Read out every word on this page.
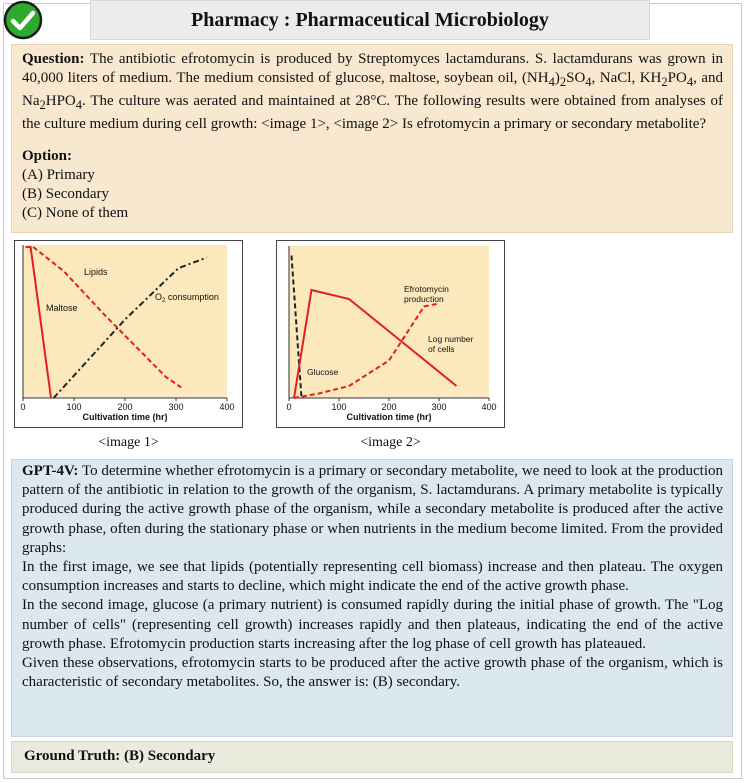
Pharmacy : Pharmaceutical Microbiology
Question: The antibiotic efrotomycin is produced by Streptomyces lactamdurans. S. lactamdurans was grown in 40,000 liters of medium. The medium consisted of glucose, maltose, soybean oil, $(NH_4)_2SO_4$, NaCl, $KH_2PO_4$, and $Na_2HPO_4$. The culture was aerated and maintained at 28°C. The following results were obtained from analyses of the culture medium during cell growth: <image 1>, <image 2> Is efrotomycin a primary or secondary metabolite?
Option:
(A) Primary
(B) Secondary
(C) None of them
0	100	200	300	400
Cultivation time (hr)
Lipids
Maltose
$O_2$ consumption
<image 1>
0	100	200	300	400
Cultivation time (hr)
Efrotomycin
production
Log number
of cells
Glucose
<image 2>

GPT-4V: To determine whether efrotomycin is a primary or secondary metabolite, we need to look at the production pattern of the antibiotic in relation to the growth of the organism, S. lactamdurans. A primary metabolite is typically produced during the active growth phase of the organism, while a secondary metabolite is produced after the active growth phase, often during the stationary phase or when nutrients in the medium become limited. From the provided graphs:

In the first image, we see that lipids (potentially representing cell biomass) increase and then plateau. The oxygen consumption increases and starts to decline, which might indicate the end of the active growth phase.

In the second image, glucose (a primary nutrient) is consumed rapidly during the initial phase of growth. The "Log number of cells" (representing cell growth) increases rapidly and then plateaus, indicating the end of the active growth phase. Efrotomycin production starts increasing after the log phase of cell growth has plateaued.

Given these observations, efrotomycin starts to be produced after the active growth phase of the organism, which is characteristic of secondary metabolites. So, the answer is: (B) secondary.

Ground Truth: (B) Secondary
